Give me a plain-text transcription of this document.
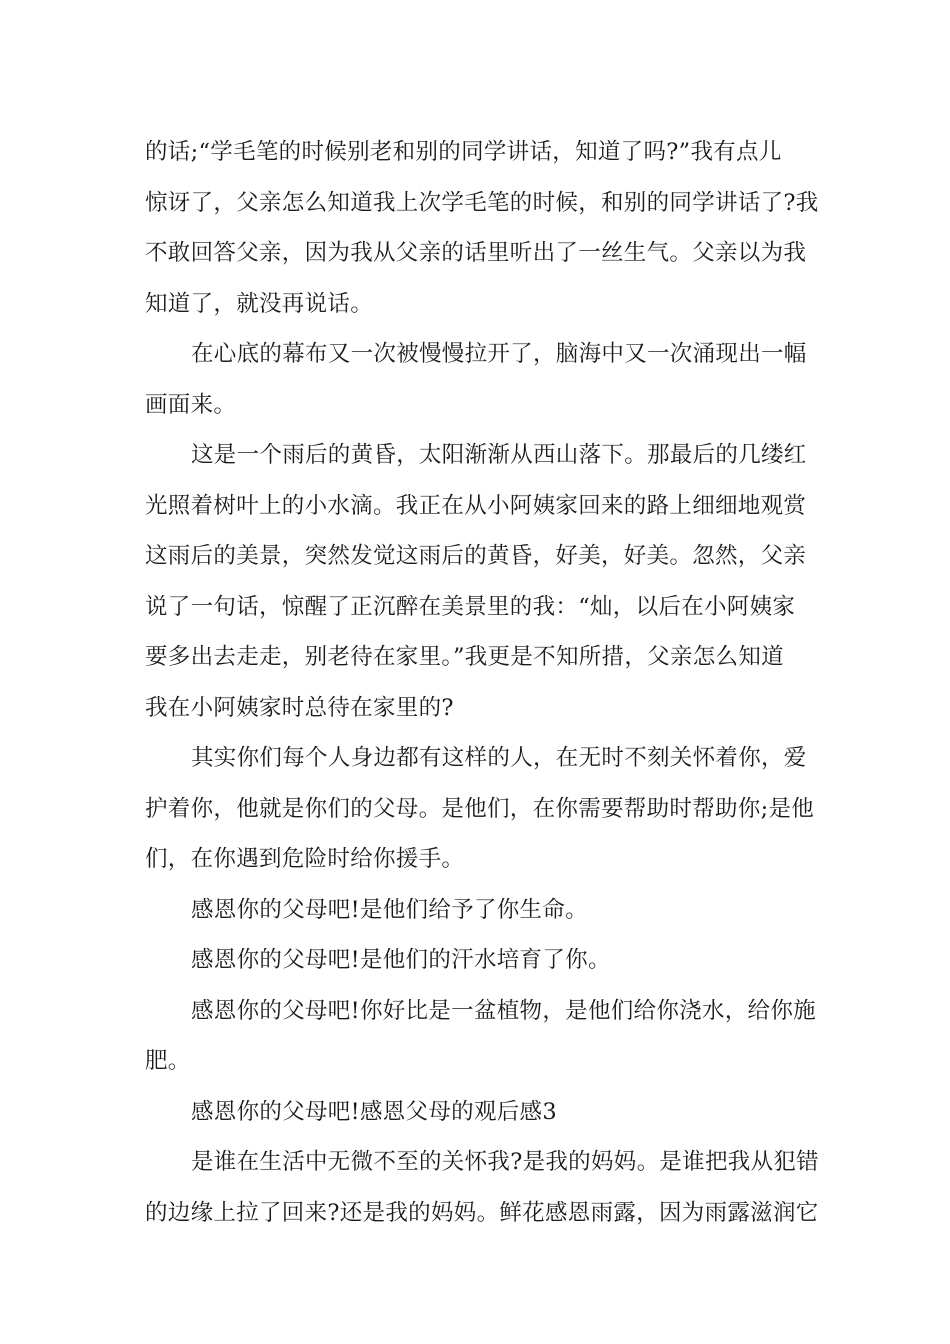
的话;“学毛笔的时候别老和别的同学讲话，知道了吗?”我有点儿
惊讶了，父亲怎么知道我上次学毛笔的时候，和别的同学讲话了?我
不敢回答父亲，因为我从父亲的话里听出了一丝生气。父亲以为我
知道了，就没再说话。
在心底的幕布又一次被慢慢拉开了，脑海中又一次涌现出一幅
画面来。
这是一个雨后的黄昏，太阳渐渐从西山落下。那最后的几缕红
光照着树叶上的小水滴。我正在从小阿姨家回来的路上细细地观赏
这雨后的美景，突然发觉这雨后的黄昏，好美，好美。忽然，父亲
说了一句话，惊醒了正沉醉在美景里的我：“灿，以后在小阿姨家
要多出去走走，别老待在家里。”我更是不知所措，父亲怎么知道
我在小阿姨家时总待在家里的?
其实你们每个人身边都有这样的人，在无时不刻关怀着你，爱
护着你，他就是你们的父母。是他们，在你需要帮助时帮助你;是他
们，在你遇到危险时给你援手。
感恩你的父母吧!是他们给予了你生命。
感恩你的父母吧!是他们的汗水培育了你。
感恩你的父母吧!你好比是一盆植物，是他们给你浇水，给你施
肥。
感恩你的父母吧!感恩父母的观后感3
是谁在生活中无微不至的关怀我?是我的妈妈。是谁把我从犯错
的边缘上拉了回来?还是我的妈妈。鲜花感恩雨露，因为雨露滋润它
